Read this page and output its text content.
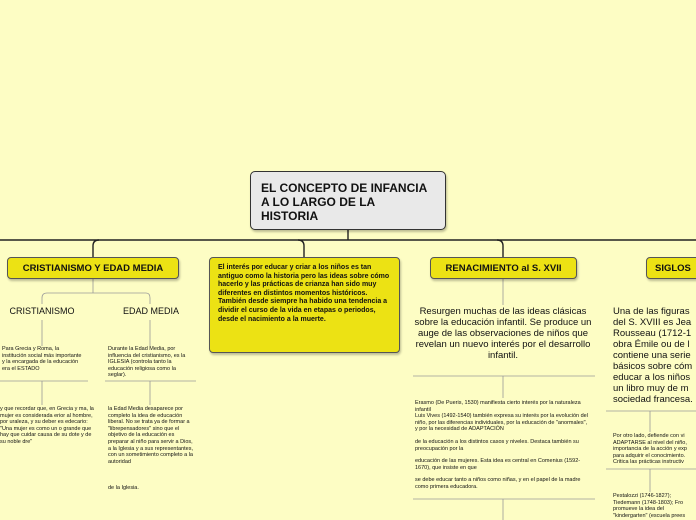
EL CONCEPTO DE INFANCIA A LO LARGO DE LA HISTORIA
CRISTIANISMO Y EDAD MEDIA	El interés por educar y criar a los niños es tan antiguo como la historia pero las ideas sobre cómo hacerlo y las prácticas de crianza han sido muy diferentes en distintos momentos históricos. También desde siempre ha habido una tendencia a dividir el curso de la vida en etapas o periodos, desde el nacimiento a la muerte.
RENACIMIENTO al S. XVII	SIGLOS
CRISTIANISMO	EDAD MEDIA
Para Grecia y Roma, la institución social más importante y la encargada de la educación era el ESTADO
y que recordar que, en Grecia y ma, la mujer es considerada erior al hombre, por uraleza, y su deber es edecario: "Una mujer es como un o grande que hay que cuidar causa de su dote y de su noble dre"
Durante la Edad Media, por influencia del cristianismo, es la IGLESIA (controla tanto la educación religiosa como la seglar).
la Edad Media desaparece por completo la idea de educación liberal. No se trata ya de formar a "librepensadores" sino que el objetivo de la educación es preparar al niño para servir a Dios, a la Iglesia y a sus representantes, con un sometimiento completo a la autoridad
de la Iglesia.
Resurgen muchas de las ideas clásicas sobre la educación infantil. Se produce un auge de las observaciones de niños que revelan un nuevo interés por el desarrollo infantil.

Erasmo (De Pueris, 1530) manifiesta cierto interés por la naturaleza infantil

Luis Vives (1492-1540) también expresa su interés por la evolución del niño, por las diferencias individuales, por la educación de "anormales", y por la necesidad de ADAPTACIÓN

de la educación a los distintos casos y niveles. Destaca también su preocupación por la

educación de las mujeres. Esta idea es central en Comenius (1592-1670), que insiste en que

se debe educar tanto a niños como niñas, y en el papel de la madre como primera educadora.

Una de las figuras del S. XVIII es Jea Rousseau (1712-1 obra Émile ou de l contiene una serie básicos sobre cóm educar a los niños un libro muy de m sociedad francesa.
Por otro lado, defiende con vi ADAPTARSE al nivel del niño, importancia de la acción y exp para adquirir el conocimiento. Critica las prácticas instructiv
Pestalozzi (1746-1827); Tiedemann (1748-1803); Fro promueve la idea del "kindergarten" (escuela prees
